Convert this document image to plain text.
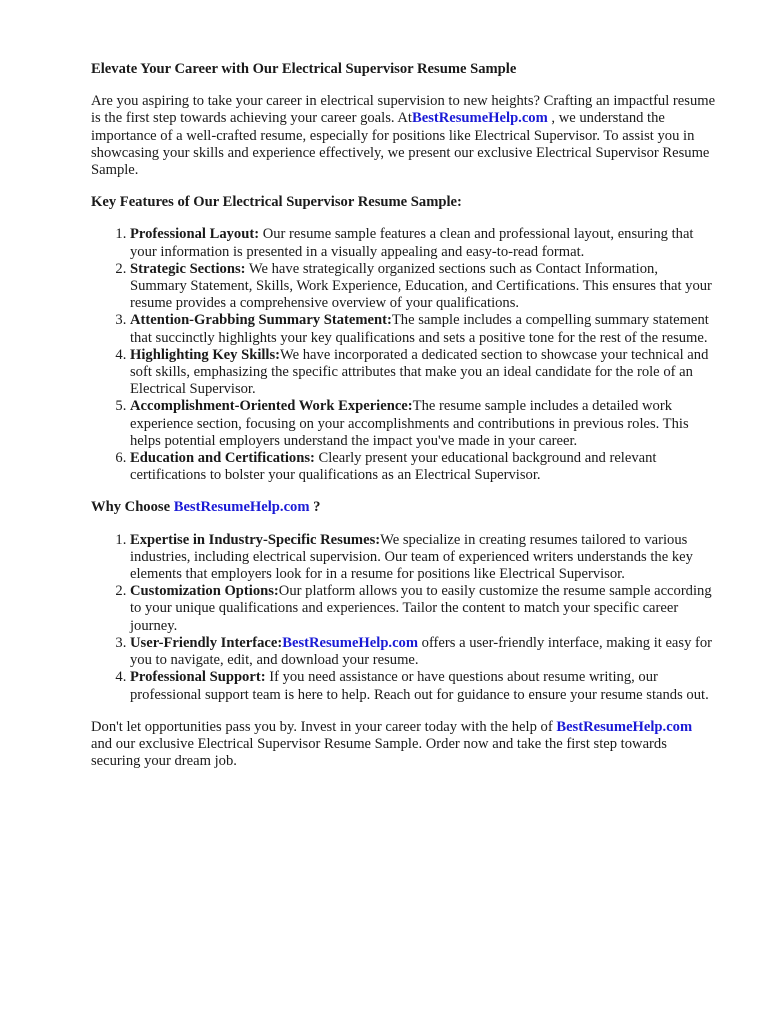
Elevate Your Career with Our Electrical Supervisor Resume Sample

Are you aspiring to take your career in electrical supervision to new heights? Crafting an impactful resume is the first step towards achieving your career goals. AtBestResumeHelp.com , we understand the importance of a well-crafted resume, especially for positions like Electrical Supervisor. To assist you in showcasing your skills and experience effectively, we present our exclusive Electrical Supervisor Resume Sample.

Key Features of Our Electrical Supervisor Resume Sample:
1. Professional Layout: Our resume sample features a clean and professional layout, ensuring that your information is presented in a visually appealing and easy-to-read format.
2. Strategic Sections: We have strategically organized sections such as Contact Information, Summary Statement, Skills, Work Experience, Education, and Certifications. This ensures that your resume provides a comprehensive overview of your qualifications.
3. Attention-Grabbing Summary Statement:The sample includes a compelling summary statement that succinctly highlights your key qualifications and sets a positive tone for the rest of the resume.
4. Highlighting Key Skills:We have incorporated a dedicated section to showcase your technical and soft skills, emphasizing the specific attributes that make you an ideal candidate for the role of an Electrical Supervisor.
5. Accomplishment-Oriented Work Experience:The resume sample includes a detailed work experience section, focusing on your accomplishments and contributions in previous roles. This helps potential employers understand the impact you've made in your career.
6. Education and Certifications: Clearly present your educational background and relevant certifications to bolster your qualifications as an Electrical Supervisor.
Why Choose BestResumeHelp.com ?
1. Expertise in Industry-Specific Resumes:We specialize in creating resumes tailored to various industries, including electrical supervision. Our team of experienced writers understands the key elements that employers look for in a resume for positions like Electrical Supervisor.
2. Customization Options:Our platform allows you to easily customize the resume sample according to your unique qualifications and experiences. Tailor the content to match your specific career journey.
3. User-Friendly Interface:BestResumeHelp.com offers a user-friendly interface, making it easy for you to navigate, edit, and download your resume.
4. Professional Support: If you need assistance or have questions about resume writing, our professional support team is here to help. Reach out for guidance to ensure your resume stands out.

Don't let opportunities pass you by. Invest in your career today with the help of BestResumeHelp.com and our exclusive Electrical Supervisor Resume Sample. Order now and take the first step towards securing your dream job.
